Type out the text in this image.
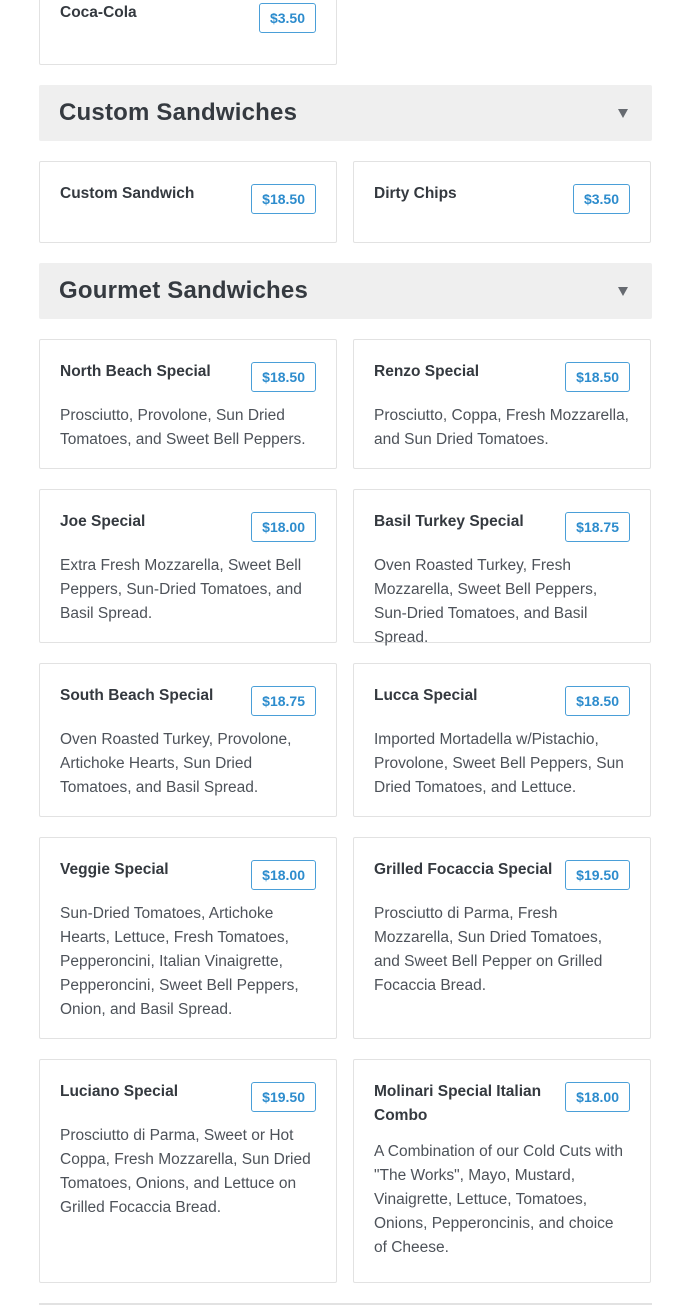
Coca-Cola	$3.50
Custom Sandwiches
Custom Sandwich	$18.50	Dirty Chips	$3.50
Gourmet Sandwiches
North Beach Special	$18.50
Prosciutto, Provolone, Sun Dried Tomatoes, and Sweet Bell Peppers.
Renzo Special	$18.50
Prosciutto, Coppa, Fresh Mozzarella, and Sun Dried Tomatoes.
Joe Special	$18.00
Extra Fresh Mozzarella, Sweet Bell Peppers, Sun-Dried Tomatoes, and Basil Spread.
Basil Turkey Special	$18.75
Oven Roasted Turkey, Fresh Mozzarella, Sweet Bell Peppers, Sun-Dried Tomatoes, and Basil Spread.
South Beach Special	$18.75
Oven Roasted Turkey, Provolone, Artichoke Hearts, Sun Dried Tomatoes, and Basil Spread.
Lucca Special	$18.50
Imported Mortadella w/Pistachio, Provolone, Sweet Bell Peppers, Sun Dried Tomatoes, and Lettuce.
Veggie Special	$18.00
Sun-Dried Tomatoes, Artichoke Hearts, Lettuce, Fresh Tomatoes, Pepperoncini, Italian Vinaigrette, Pepperoncini, Sweet Bell Peppers, Onion, and Basil Spread.
Grilled Focaccia Special	$19.50
Prosciutto di Parma, Fresh Mozzarella, Sun Dried Tomatoes, and Sweet Bell Pepper on Grilled Focaccia Bread.
Luciano Special	$19.50
Prosciutto di Parma, Sweet or Hot Coppa, Fresh Mozzarella, Sun Dried Tomatoes, Onions, and Lettuce on Grilled Focaccia Bread.
Molinari Special Italian Combo
$18.00
A Combination of our Cold Cuts with "The Works", Mayo, Mustard, Vinaigrette, Lettuce, Tomatoes, Onions, Pepperoncinis, and choice of Cheese.
